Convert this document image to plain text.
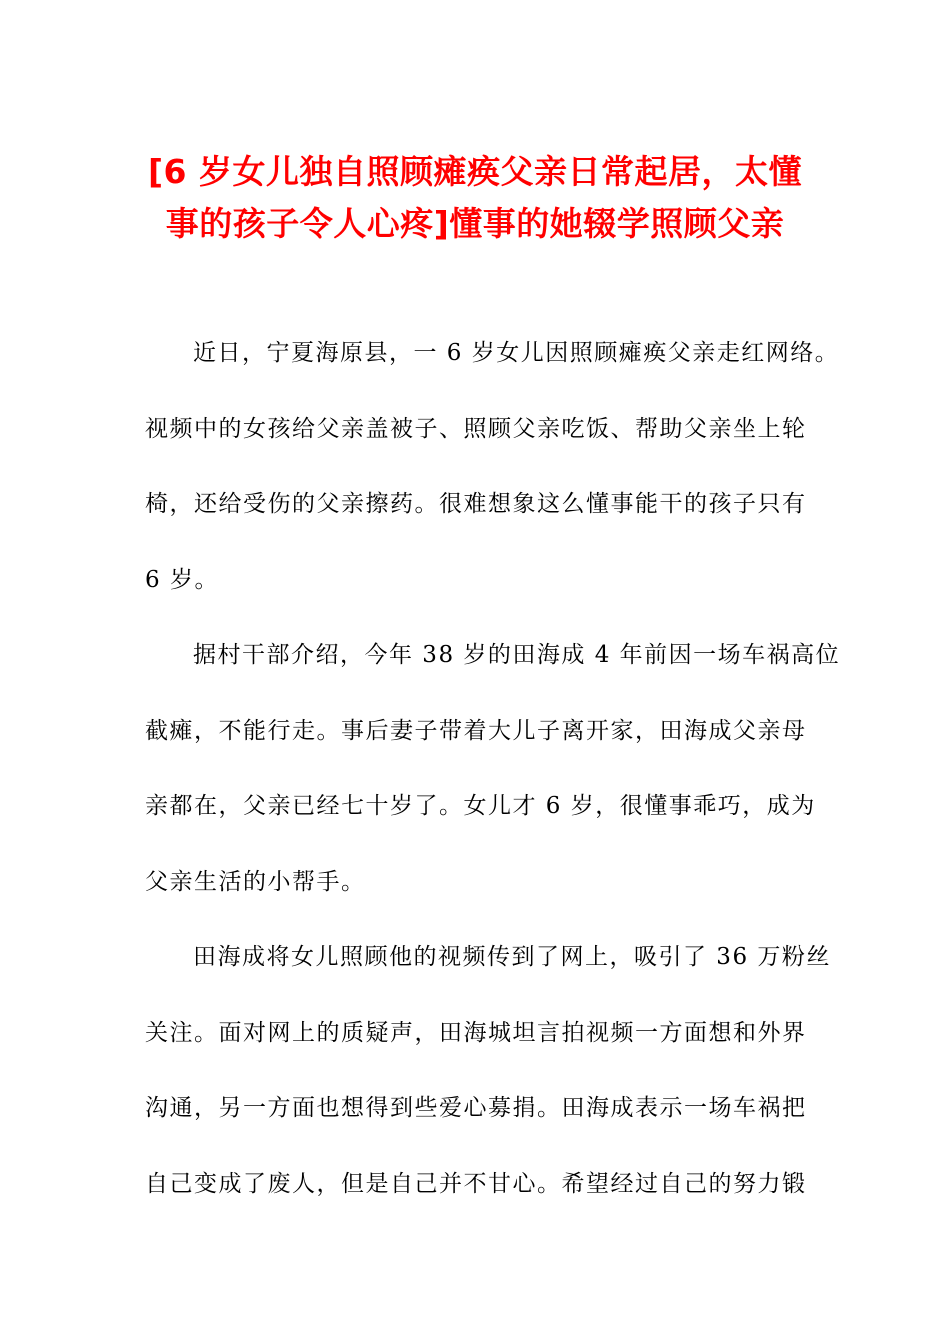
[6 岁女儿独自照顾瘫痪父亲日常起居，太懂
事的孩子令人心疼]懂事的她辍学照顾父亲
近日，宁夏海原县，一 6 岁女儿因照顾瘫痪父亲走红网络。
视频中的女孩给父亲盖被子、照顾父亲吃饭、帮助父亲坐上轮
椅，还给受伤的父亲擦药。很难想象这么懂事能干的孩子只有
6 岁。
据村干部介绍，今年 38 岁的田海成 4 年前因一场车祸高位
截瘫，不能行走。事后妻子带着大儿子离开家，田海成父亲母
亲都在，父亲已经七十岁了。女儿才 6 岁，很懂事乖巧，成为
父亲生活的小帮手。
田海成将女儿照顾他的视频传到了网上，吸引了 36 万粉丝
关注。面对网上的质疑声，田海城坦言拍视频一方面想和外界
沟通，另一方面也想得到些爱心募捐。田海成表示一场车祸把
自己变成了废人，但是自己并不甘心。希望经过自己的努力锻
